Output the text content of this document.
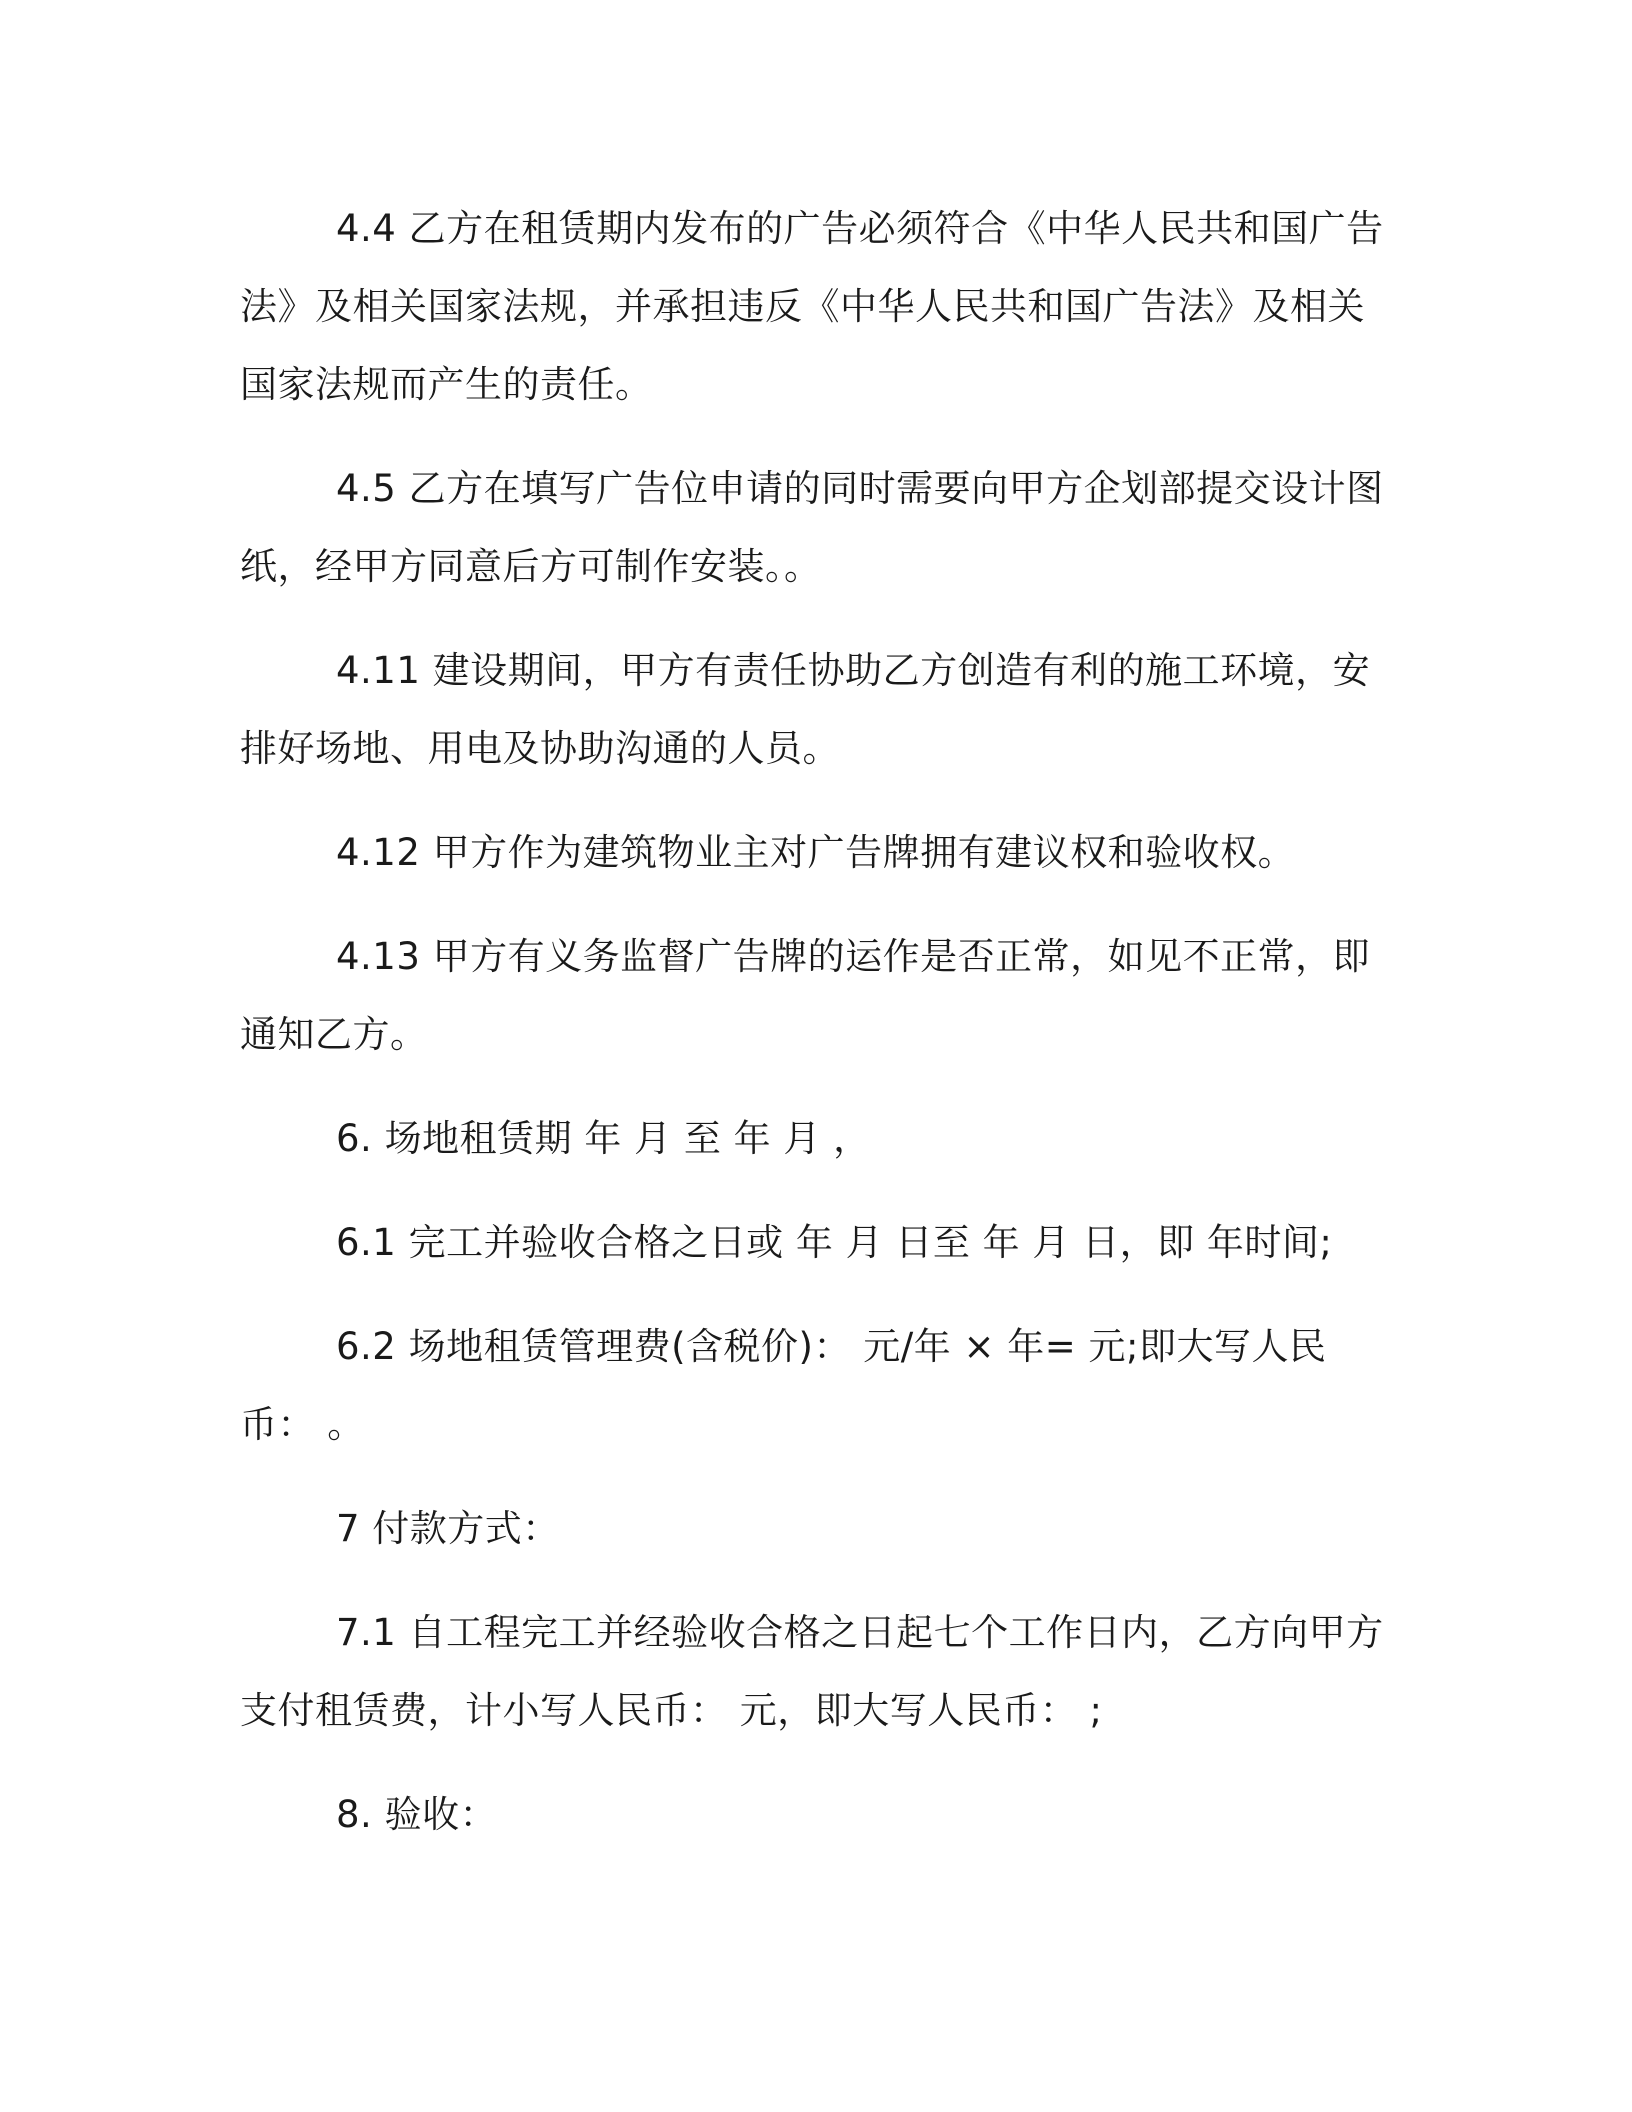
4.4 乙方在租赁期内发布的广告必须符合《中华人民共和国广告法》及相关国家法规，并承担违反《中华人民共和国广告法》及相关国家法规而产生的责任。

4.5 乙方在填写广告位申请的同时需要向甲方企划部提交设计图纸，经甲方同意后方可制作安装。。

4.11 建设期间，甲方有责任协助乙方创造有利的施工环境，安排好场地、用电及协助沟通的人员。

4.12 甲方作为建筑物业主对广告牌拥有建议权和验收权。

4.13 甲方有义务监督广告牌的运作是否正常，如见不正常，即通知乙方。

6. 场地租赁期 年 月 至 年 月 ，

6.1 完工并验收合格之日或 年 月 日至 年 月 日，即 年时间;

6.2 场地租赁管理费(含税价)： 元/年 × 年= 元;即大写人民币： 。

7 付款方式：

7.1 自工程完工并经验收合格之日起七个工作日内，乙方向甲方支付租赁费，计小写人民币： 元，即大写人民币： ;

8. 验收：
